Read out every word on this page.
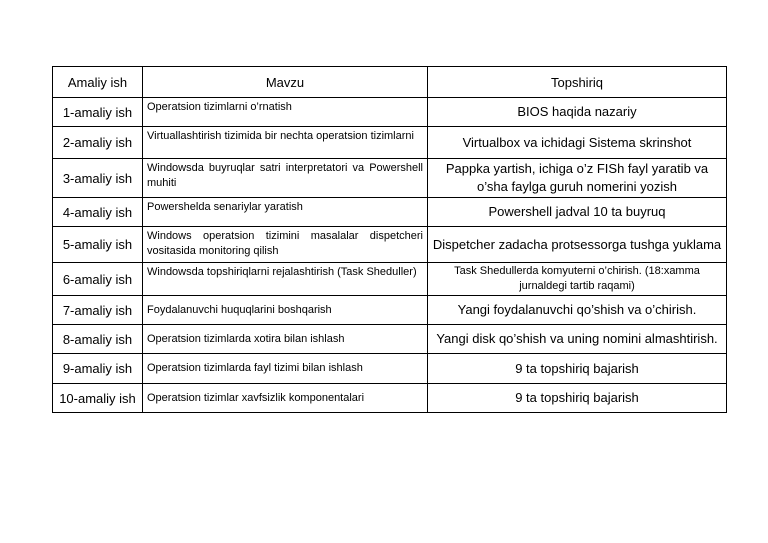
Amaliy ish	Mavzu	Topshiriq
1-amaliy ish	Operatsion tizimlarni o’rnatish	BIOS haqida nazariy
2-amaliy ish	Virtuallashtirish tizimida bir nechta operatsion tizimlarni	Virtualbox va ichidagi Sistema skrinshot
3-amaliy ish	Windowsda buyruqlar satri interpretatori va Powershell muhiti	Pappka yartish, ichiga o’z FISh fayl yaratib va o’sha faylga guruh nomerini yozish
4-amaliy ish	Powershelda senariylar yaratish	Powershell jadval 10 ta buyruq
5-amaliy ish	Windows operatsion tizimini masalalar dispetcheri vositasida monitoring qilish	Dispetcher zadacha protsessorga tushga yuklama
6-amaliy ish	Windowsda topshiriqlarni rejalashtirish (Task Sheduller)	Task Shedullerda komyuterni o’chirish. (18:xamma jurnaldegi tartib raqami)
7-amaliy ish	Foydalanuvchi huquqlarini boshqarish	Yangi foydalanuvchi qo’shish va o’chirish.
8-amaliy ish	Operatsion tizimlarda xotira bilan ishlash	Yangi disk qo’shish va uning nomini almashtirish.
9-amaliy ish	Operatsion tizimlarda fayl tizimi bilan ishlash	9 ta topshiriq bajarish
10-amaliy ish	Operatsion tizimlar xavfsizlik komponentalari	9 ta topshiriq bajarish
